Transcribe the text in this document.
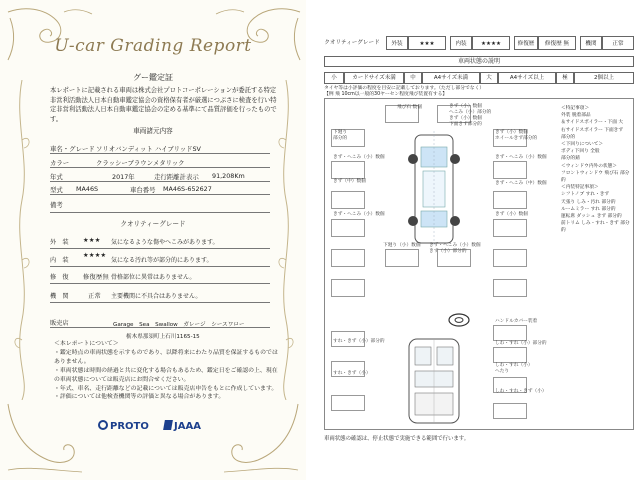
U-car Grading Report
グー鑑定証
本レポートに記載される車両は株式会社プロトコーポレーションが委託する特定非営利活動法人日本自動車鑑定協会の資格保有者が厳選につぶさに検査を行い特定非営利活動法人日本自動車鑑定協会の定める基準にて品質評価を行ったものです。
車両諸元内容
車名・グレード ソリオバンディット ハイブリッドSV
カラー	クラッシーブラウンメタリック
年式	2017年	走行距離計表示 91,208Km
型式 MA46S	車台番号 MA46S-652627
備考
クオリティーグレード
外　装 ★★★ 気になるような傷やへこみがあります。
内　装
★★★★
気になる汚れ等が部分的にあります。
修　復 修復歴無 骨格部位に異常はありません。
機　関	正常 主要機関に不具合はありません。
販売店	Garage　Sea　Swallow　ガレージ　シースワロー
栃木県那須町上石川1165-15
＜本レポートについて＞
・鑑定時点の車両状態を示すものであり、以降将来にわたり品質を保証するものではありません。
・車両状態は時間の経過と共に変化する場合もあるため、鑑定日をご確認の上、現在の車両状態については販売店にお問合せください。
・年式、車名、走行距離などの記載については販売店申告をもとに作成しています。
・評価については他検査機関等の評価と異なる場合があります。
PROTO	JAAA
クオリティーグレード	外装	★★★	内装	★★★★	修復歴	修復歴 無	機関	正常
車両状態の説明
小	カードサイズ未満	中	A4サイズ未満	大	A4サイズ以上	極	2個以上
タイヤ等は小評価の程度を目安に記載しております。（ただし部分でなく）
【例 飛 10cm以一般的30ヤーセン程度飛び装置有する】
飛び石 数個	きず（小）数個
へこみ（小）部分的
きず（小）数個
下面きず部分的
きず（小）数個
ホイールきず部分的
下廻り
部分的
きず・へこみ（小）数個	きず・へこみ（小）数個
きず（中）数個	きず・へこみ（中）数個
きず・へこみ（小）数個	きず（小）数個
下廻り（小）数個 きず・へこみ（小）数個
きず（小）部分的
ハンドルカバー装着
しわ・すれ（小）部分的
すれ・きず（小）部分的
しわ・すれ（小）
へたり
すれ・きず（小）
しわ・すれ・きず（小）
＜特記事項＞
外装 脱着部品
＆サイドスポイラー・下面 大
右サイドスポイラー 下面きず
部分的
＜下回りについて＞
ボディ下回り 全般
部分的錆
＜ウィンドウ内外の状態＞
フロントウィンドウ 飛び石 部分的
＜内装特記事項＞
シフトノブ すれ・きず
天張り しみ・汚れ 部分的
ルームミラー すれ 部分的
運転席 ダッシュ きず 部分的
前トリム しみ・すれ・きず 部分的
車両状態の確認は、停止状態で実施できる範囲で行います。
